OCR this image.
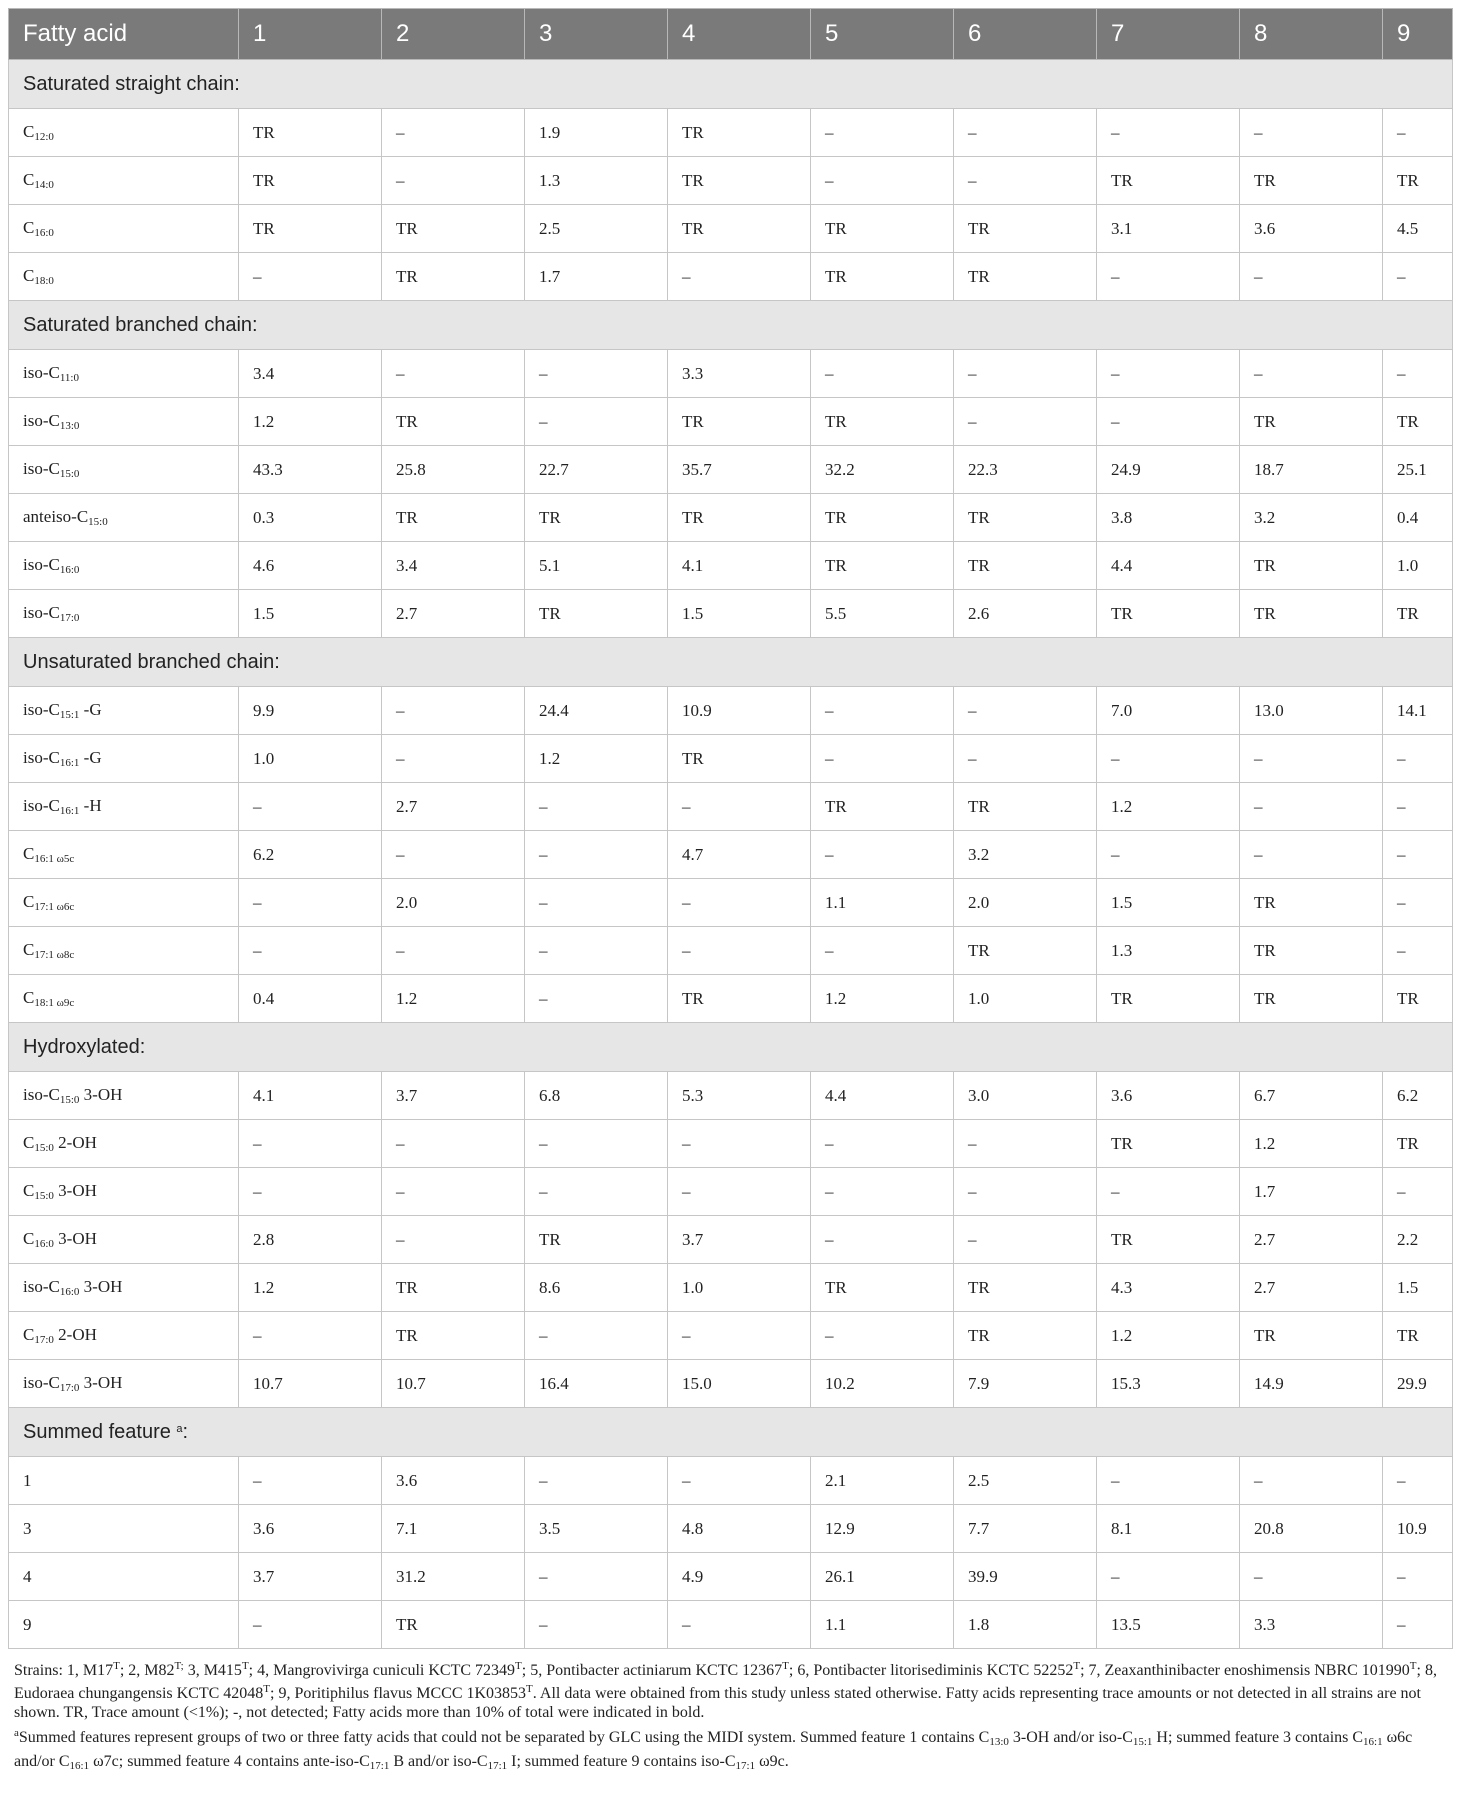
Fatty acid	1	2	3	4	5	6	7	8	9
Saturated straight chain:									
$C_{12:0}$	TR	–	1.9	TR	–	–	–	–	–
$C_{14:0}$	TR	–	1.3	TR	–	–	TR	TR	TR
$C_{16:0}$	TR	TR	2.5	TR	TR	TR	3.1	3.6	4.5
$C_{18:0}$	–	TR	1.7	–	TR	TR	–	–	–
Saturated branched chain:									
iso-$C_{11:0}$	3.4	–	–	3.3	–	–	–	–	–
iso-$C_{13:0}$	1.2	TR	–	TR	TR	–	–	TR	TR
iso-$C_{15:0}$	43.3	25.8	22.7	35.7	32.2	22.3	24.9	18.7	25.1
anteiso-$C_{15:0}$	0.3	TR	TR	TR	TR	TR	3.8	3.2	0.4
iso-$C_{16:0}$	4.6	3.4	5.1	4.1	TR	TR	4.4	TR	1.0
iso-$C_{17:0}$	1.5	2.7	TR	1.5	5.5	2.6	TR	TR	TR
Unsaturated branched chain:									
iso-$C_{15:1}$ -G	9.9	–	24.4	10.9	–	–	7.0	13.0	14.1
iso-$C_{16:1}$ -G	1.0	–	1.2	TR	–	–	–	–	–
iso-$C_{16:1}$ -H	–	2.7	–	–	TR	TR	1.2	–	–
$C_{16:1 \omega 5c}$	6.2	–	–	4.7	–	3.2	–	–	–
$C_{17:1 \omega 6c}$	–	2.0	–	–	1.1	2.0	1.5	TR	–
$C_{17:1 \omega 8c}$	–	–	–	–	–	TR	1.3	TR	–
$C_{18:1 \omega 9c}$	0.4	1.2	–	TR	1.2	1.0	TR	TR	TR
Hydroxylated:									
iso-$C_{15:0}$ 3-OH	4.1	3.7	6.8	5.3	4.4	3.0	3.6	6.7	6.2
$C_{15:0}$ 2-OH	–	–	–	–	–	–	TR	1.2	TR
$C_{15:0}$ 3-OH	–	–	–	–	–	–	–	1.7	–
$C_{16:0}$ 3-OH	2.8	–	TR	3.7	–	–	TR	2.7	2.2
iso-$C_{16:0}$ 3-OH	1.2	TR	8.6	1.0	TR	TR	4.3	2.7	1.5
$C_{17:0}$ 2-OH	–	TR	–	–	–	TR	1.2	TR	TR
iso-$C_{17:0}$ 3-OH	10.7	10.7	16.4	15.0	10.2	7.9	15.3	14.9	29.9
Summed feature $^a$:									
1	–	3.6	–	–	2.1	2.5	–	–	–
3	3.6	7.1	3.5	4.8	12.9	7.7	8.1	20.8	10.9
4	3.7	31.2	–	4.9	26.1	39.9	–	–	–
9	–	TR	–	–	1.1	1.8	13.5	3.3	–

Strains: 1, $M17^T$; 2, $M82^{T;}$ 3, $M415^T$; 4, Mangrovivirga cuniculi KCTC $72349^T$; 5, Pontibacter actiniarum KCTC $12367^T$; 6, Pontibacter litorisediminis KCTC $52252^T$; 7, Zeaxanthinibacter enoshimensis NBRC $101990^T$; 8, Eudoraea chungangensis KCTC $42048^T$; 9, Poritiphilus flavus MCCC $1K03853^T$. All data were obtained from this study unless stated otherwise. Fatty acids representing trace amounts or not detected in all strains are not shown. TR, Trace amount (<1%); -, not detected; Fatty acids more than 10% of total were indicated in bold.

$^a$Summed features represent groups of two or three fatty acids that could not be separated by GLC using the MIDI system. Summed feature 1 contains $C_{13:0}$ 3-OH and/or iso-$C_{15:1}$ H; summed feature 3 contains $C_{16:1}$ ω6c and/or $C_{16:1}$ ω7c; summed feature 4 contains ante-$iso-C_{17:1}$ B and/or iso-$C_{17:1}$ I; summed feature 9 contains iso-$C_{17:1}$ ω9c.
